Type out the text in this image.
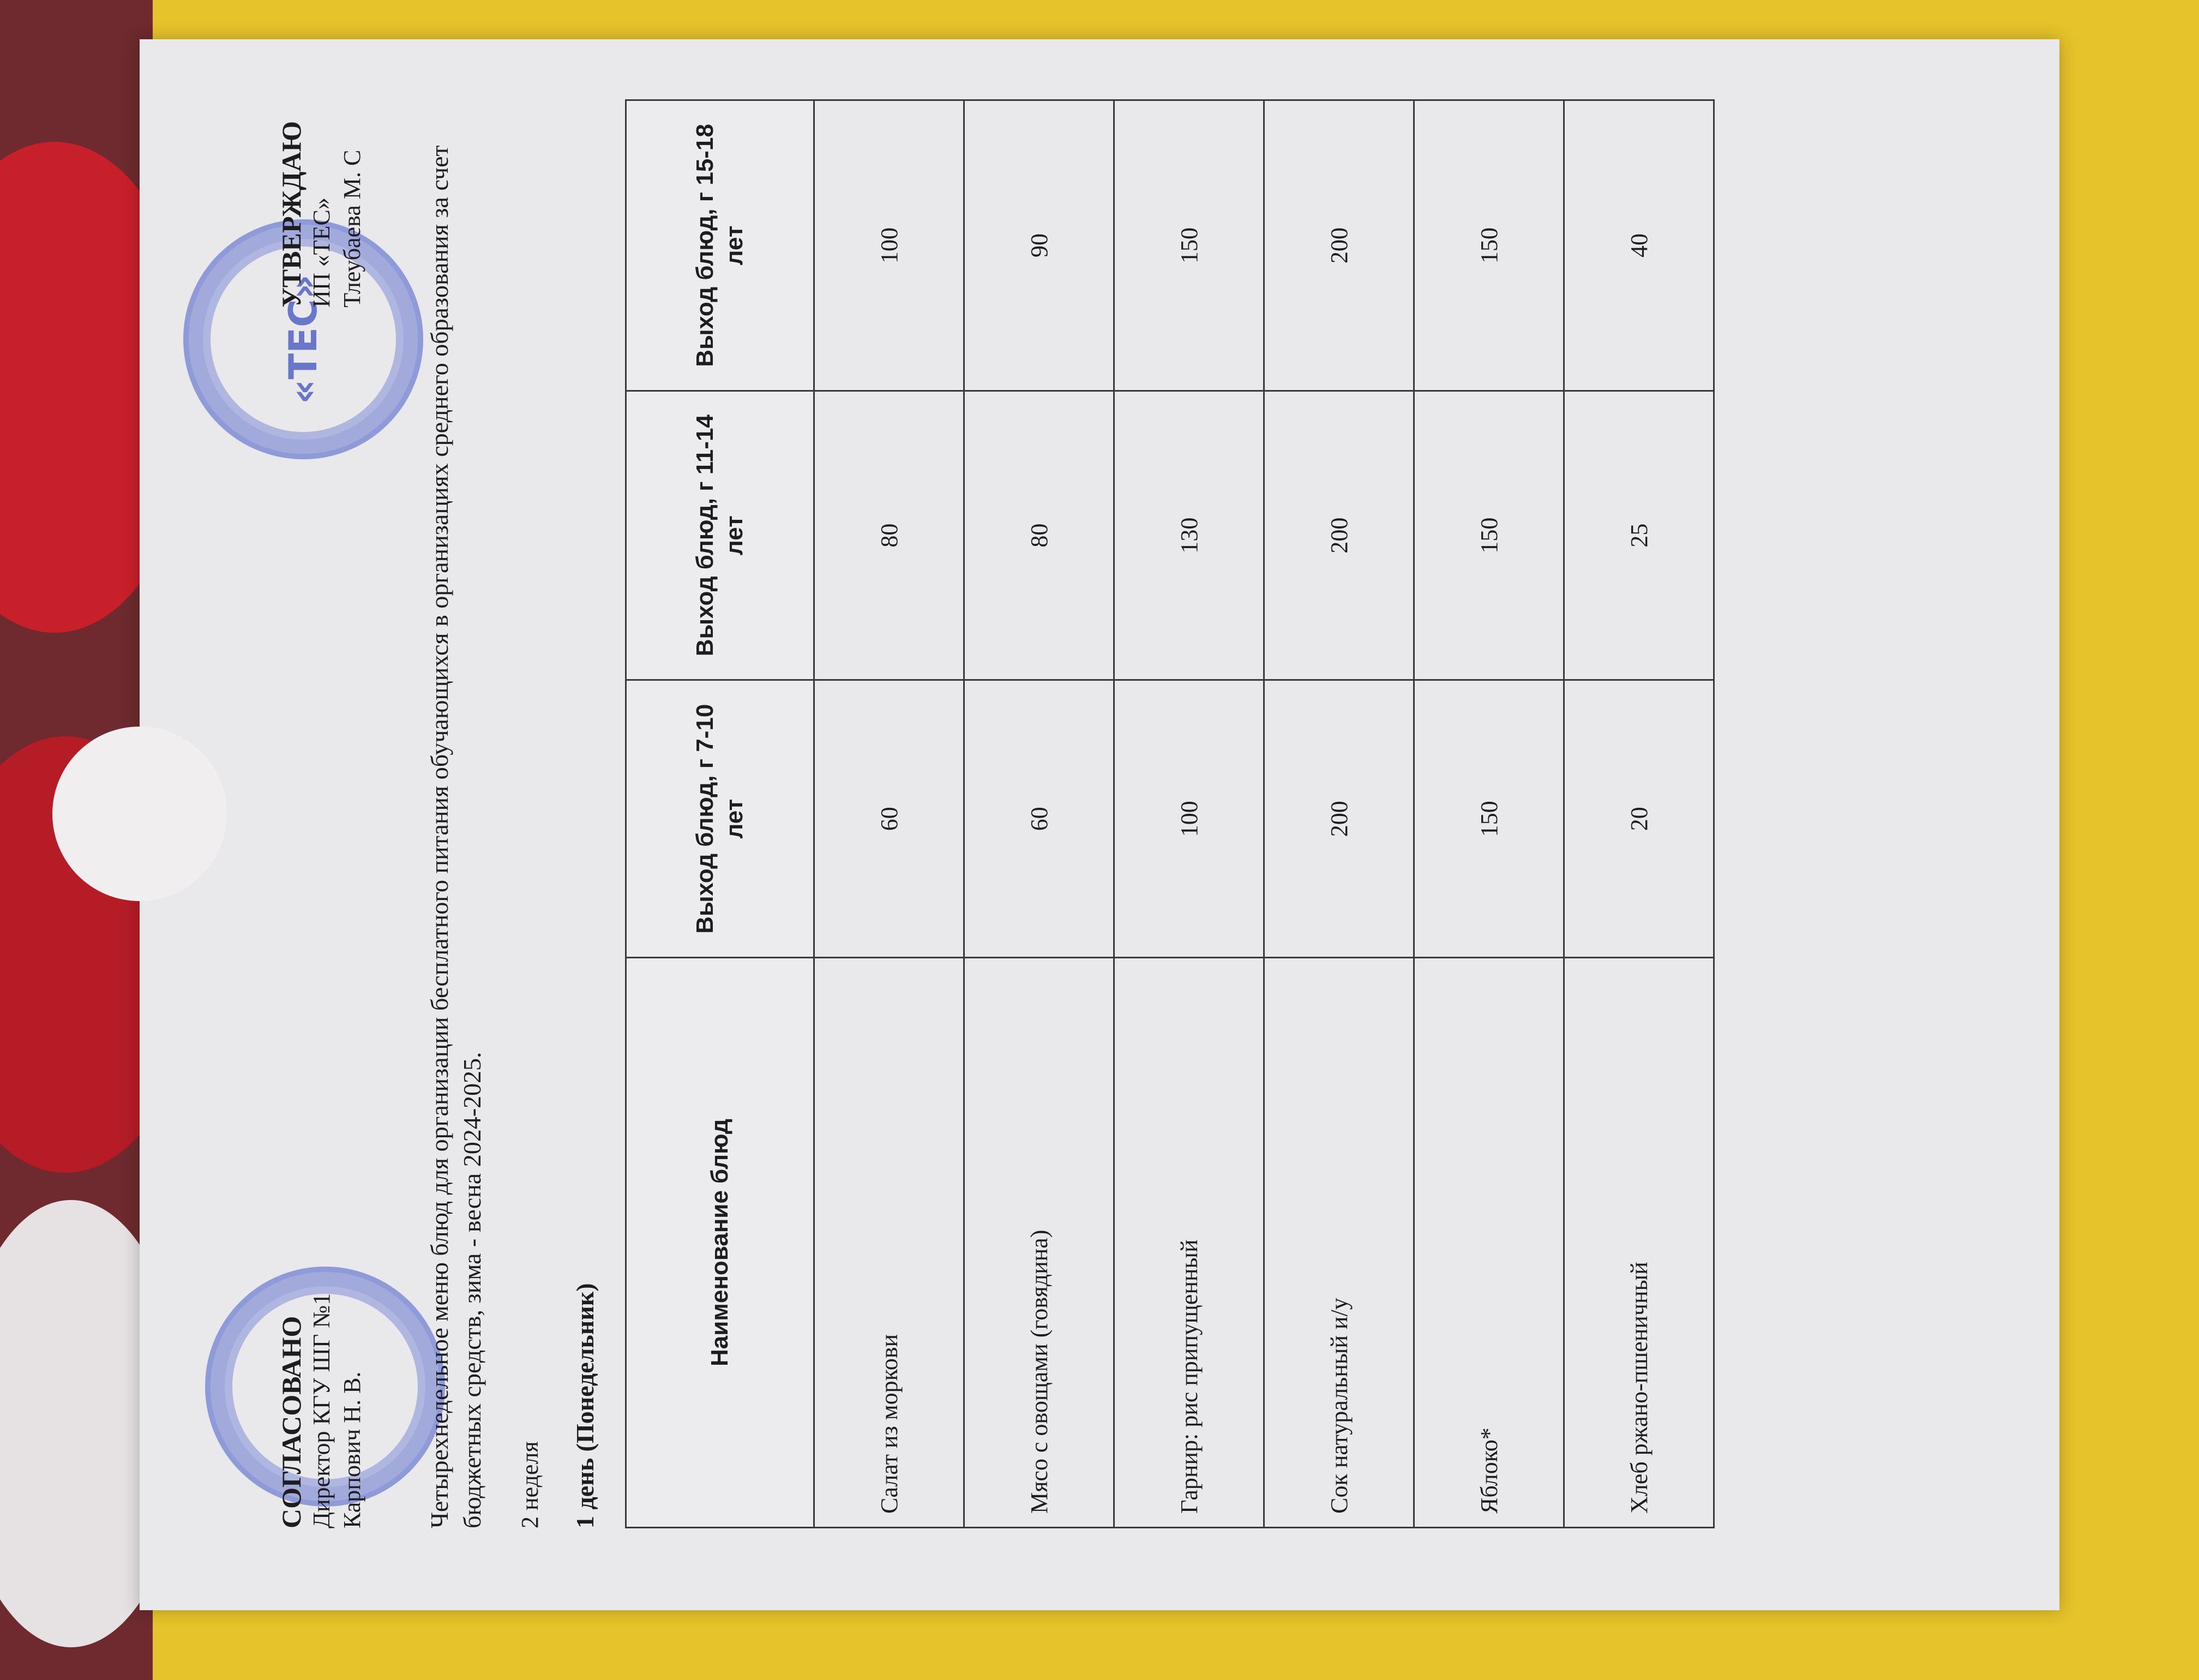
СОГЛАСОВАНО Директор КГУ ШГ №1 Карпович Н. В.
«ТЕС»
УТВЕРЖДАЮ ИП «ТЕС» Тлеубаева М. С Четырехнедельное меню блюд для организации бесплатного питания обучающихся в организациях среднего образования за счет бюджетных средств, зима - весна 2024-2025. 2 неделя 1 день (Понедельник)
Наименование блюд	Выход блюд, г 7-10 лет	Выход блюд, г 11-14 лет	Выход блюд, г 15-18 лет
Салат из моркови	60	80	100
Мясо с овощами (говядина)	60	80	90
Гарнир: рис припущенный	100	130	150
Сок натуральный и/у	200	200	200
Яблоко*	150	150	150
Хлеб ржано-пшеничный	20	25	40
